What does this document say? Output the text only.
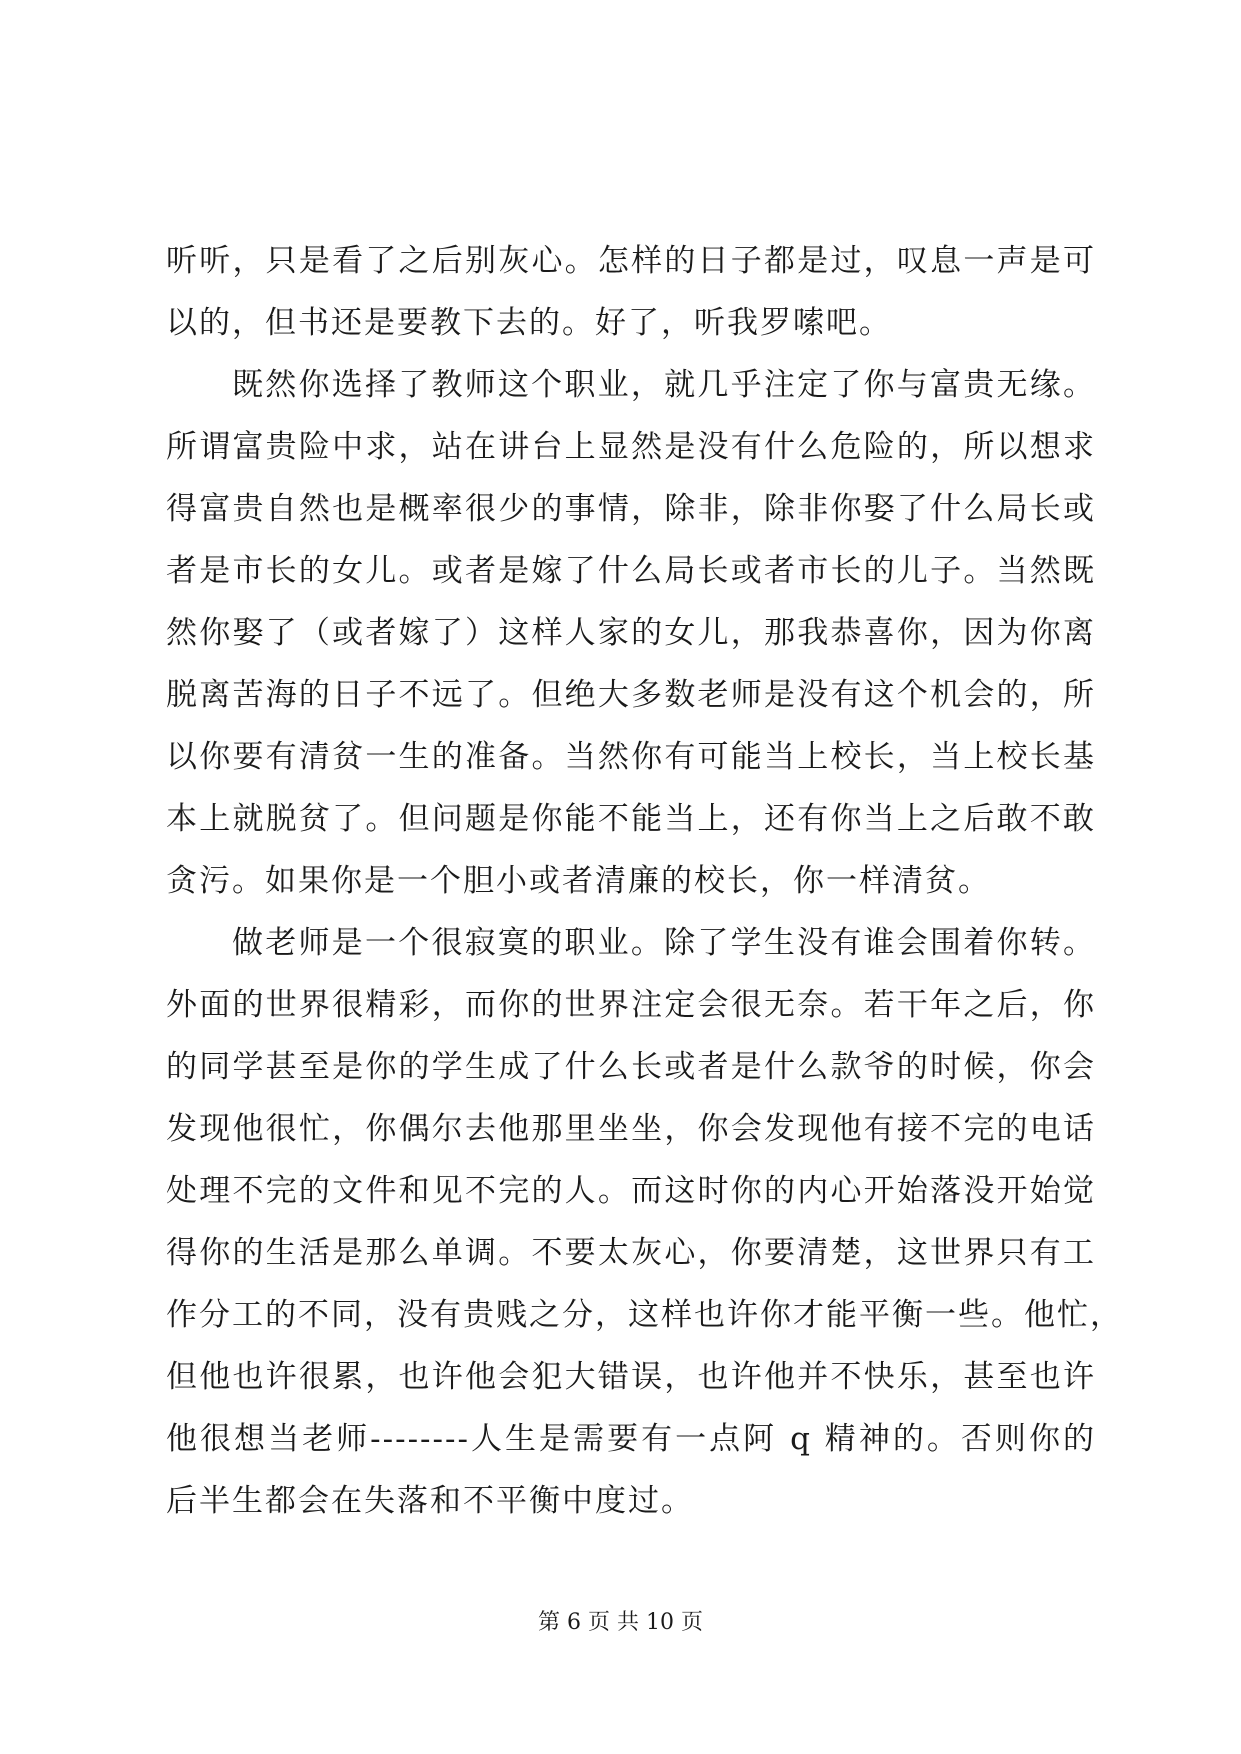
听听，只是看了之后别灰心。怎样的日子都是过，叹息一声是可
以的，但书还是要教下去的。好了，听我罗嗦吧。
既然你选择了教师这个职业，就几乎注定了你与富贵无缘。
所谓富贵险中求，站在讲台上显然是没有什么危险的，所以想求
得富贵自然也是概率很少的事情，除非，除非你娶了什么局长或
者是市长的女儿。或者是嫁了什么局长或者市长的儿子。当然既
然你娶了（或者嫁了）这样人家的女儿，那我恭喜你，因为你离
脱离苦海的日子不远了。但绝大多数老师是没有这个机会的，所
以你要有清贫一生的准备。当然你有可能当上校长，当上校长基
本上就脱贫了。但问题是你能不能当上，还有你当上之后敢不敢
贪污。如果你是一个胆小或者清廉的校长，你一样清贫。
做老师是一个很寂寞的职业。除了学生没有谁会围着你转。
外面的世界很精彩，而你的世界注定会很无奈。若干年之后，你
的同学甚至是你的学生成了什么长或者是什么款爷的时候，你会
发现他很忙，你偶尔去他那里坐坐，你会发现他有接不完的电话
处理不完的文件和见不完的人。而这时你的内心开始落没开始觉
得你的生活是那么单调。不要太灰心，你要清楚，这世界只有工
作分工的不同，没有贵贱之分，这样也许你才能平衡一些。他忙，
但他也许很累，也许他会犯大错误，也许他并不快乐，甚至也许
他很想当老师--------人生是需要有一点阿 q 精神的。否则你的
后半生都会在失落和不平衡中度过。
第 6 页 共 10 页
